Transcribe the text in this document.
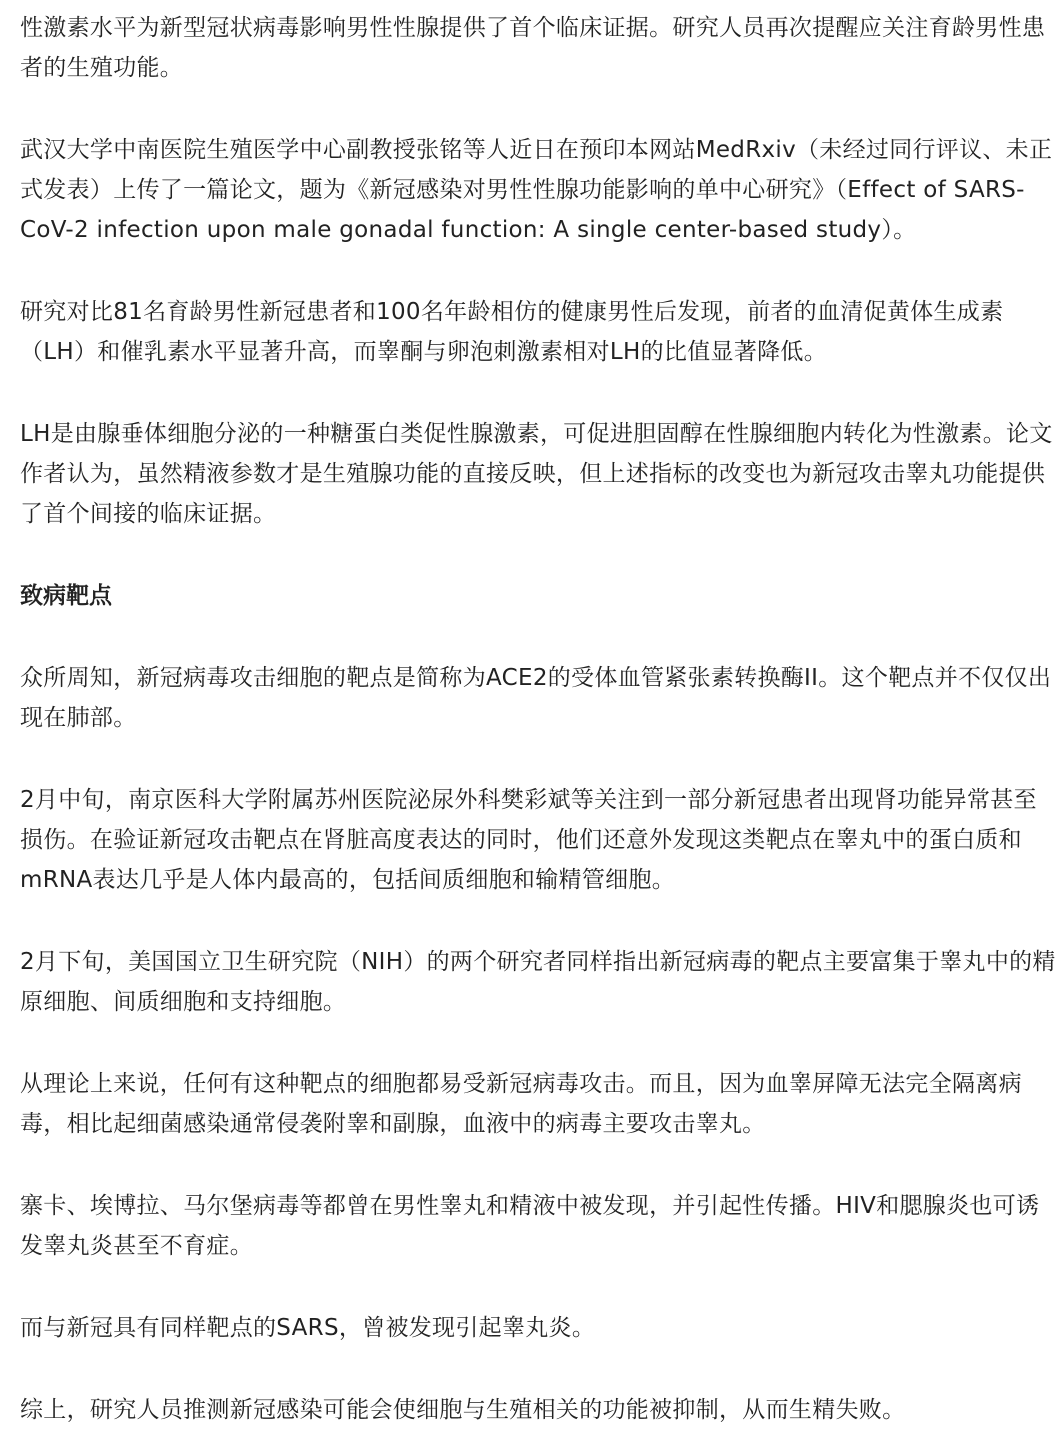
性激素水平为新型冠状病毒影响男性性腺提供了首个临床证据。研究人员再次提醒应关注育龄男性患者的生殖功能。

武汉大学中南医院生殖医学中心副教授张铭等人近日在预印本网站MedRxiv（未经过同行评议、未正式发表）上传了一篇论文，题为《新冠感染对男性性腺功能影响的单中心研究》（Effect of SARS-CoV-2 infection upon male gonadal function: A single center-based study）。

研究对比81名育龄男性新冠患者和100名年龄相仿的健康男性后发现，前者的血清促黄体生成素（LH）和催乳素水平显著升高，而睾酮与卵泡刺激素相对LH的比值显著降低。

LH是由腺垂体细胞分泌的一种糖蛋白类促性腺激素，可促进胆固醇在性腺细胞内转化为性激素。论文作者认为，虽然精液参数才是生殖腺功能的直接反映，但上述指标的改变也为新冠攻击睾丸功能提供了首个间接的临床证据。

致病靶点

众所周知，新冠病毒攻击细胞的靶点是简称为ACE2的受体血管紧张素转换酶II。这个靶点并不仅仅出现在肺部。

2月中旬，南京医科大学附属苏州医院泌尿外科樊彩斌等关注到一部分新冠患者出现肾功能异常甚至损伤。在验证新冠攻击靶点在肾脏高度表达的同时，他们还意外发现这类靶点在睾丸中的蛋白质和mRNA表达几乎是人体内最高的，包括间质细胞和输精管细胞。

2月下旬，美国国立卫生研究院（NIH）的两个研究者同样指出新冠病毒的靶点主要富集于睾丸中的精原细胞、间质细胞和支持细胞。

从理论上来说，任何有这种靶点的细胞都易受新冠病毒攻击。而且，因为血睾屏障无法完全隔离病毒，相比起细菌感染通常侵袭附睾和副腺，血液中的病毒主要攻击睾丸。

寨卡、埃博拉、马尔堡病毒等都曾在男性睾丸和精液中被发现，并引起性传播。HIV和腮腺炎也可诱发睾丸炎甚至不育症。

而与新冠具有同样靶点的SARS，曾被发现引起睾丸炎。

综上，研究人员推测新冠感染可能会使细胞与生殖相关的功能被抑制，从而生精失败。
